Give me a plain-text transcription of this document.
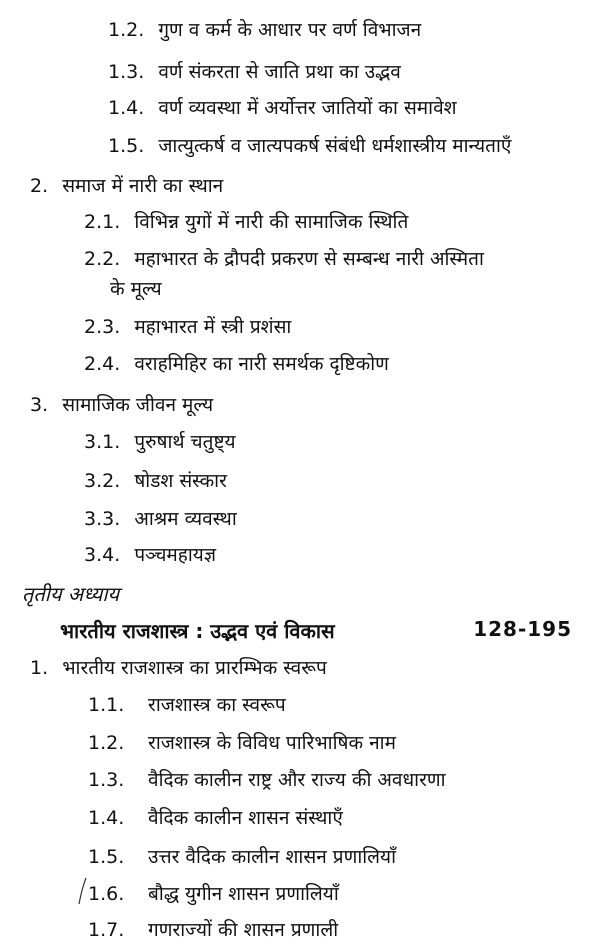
1.2. गुण व कर्म के आधार पर वर्ण विभाजन
1.3. वर्ण संकरता से जाति प्रथा का उद्भव
1.4. वर्ण व्यवस्था में अर्योत्तर जातियों का समावेश
1.5. जात्युत्कर्ष व जात्यपकर्ष संबंधी धर्मशास्त्रीय मान्यताएँ
2. समाज में नारी का स्थान
2.1. विभिन्न युगों में नारी की सामाजिक स्थिति
2.2. महाभारत के द्रौपदी प्रकरण से सम्बन्ध नारी अस्मिता
के मूल्य
2.3. महाभारत में स्त्री प्रशंसा
2.4. वराहमिहिर का नारी समर्थक दृष्टिकोण
3. सामाजिक जीवन मूल्य
3.1. पुरुषार्थ चतुष्ट्य
3.2. षोडश संस्कार
3.3. आश्रम व्यवस्था
3.4. पञ्चमहायज्ञ
तृतीय अध्याय
भारतीय राजशास्त्र : उद्भव एवं विकास	128-195
1. भारतीय राजशास्त्र का प्रारम्भिक स्वरूप
1.1. राजशास्त्र का स्वरूप
1.2. राजशास्त्र के विविध पारिभाषिक नाम
1.3. वैदिक कालीन राष्ट्र और राज्य की अवधारणा
1.4. वैदिक कालीन शासन संस्थाएँ
1.5. उत्तर वैदिक कालीन शासन प्रणालियाँ
1.6. बौद्ध युगीन शासन प्रणालियाँ
1.7. गणराज्यों की शासन प्रणाली
